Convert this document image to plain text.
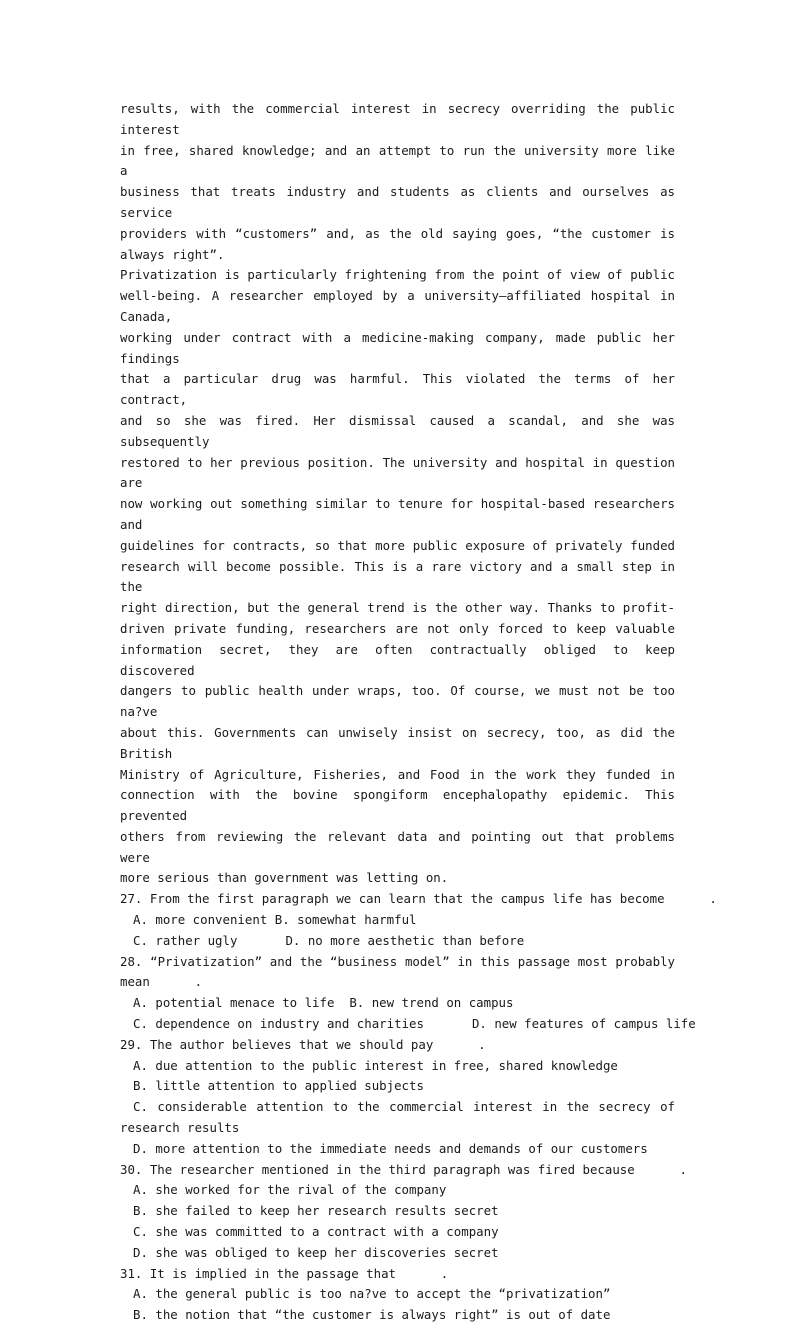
results, with the commercial interest in secrecy overriding the public interest
in free, shared knowledge; and an attempt to run the university more like a
business that treats industry and students as clients and ourselves as service
providers with “customers” and, as the old saying goes, “the customer is
always right”.
Privatization is particularly frightening from the point of view of public
well-being. A researcher employed by a university—affiliated hospital in Canada,
working under contract with a medicine-making company, made public her findings
that a particular drug was harmful. This violated the terms of her contract,
and so she was fired. Her dismissal caused a scandal, and she was subsequently
restored to her previous position. The university and hospital in question are
now working out something similar to tenure for hospital-based researchers and
guidelines for contracts, so that more public exposure of privately funded
research will become possible. This is a rare victory and a small step in the
right direction, but the general trend is the other way. Thanks to profit-
driven private funding, researchers are not only forced to keep valuable
information secret, they are often contractually obliged to keep discovered
dangers to public health under wraps, too. Of course, we must not be too na?ve
about this. Governments can unwisely insist on secrecy, too, as did the British
Ministry of Agriculture, Fisheries, and Food in the work they funded in
connection with the bovine spongiform encephalopathy epidemic. This prevented
others from reviewing the relevant data and pointing out that problems were
more serious than government was letting on.
27. From the first paragraph we can learn that the campus life has become      .
A. more convenient B. somewhat harmful
C. rather ugly	D. no more aesthetic than before
28. “Privatization” and the “business model” in this passage most probably
mean      .
A. potential menace to life B. new trend on campus
C. dependence on industry and charities	D. new features of campus life
29. The author believes that we should pay      .
A. due attention to the public interest in free, shared knowledge
B. little attention to applied subjects
C. considerable attention to the commercial interest in the secrecy of
research results
D. more attention to the immediate needs and demands of our customers
30. The researcher mentioned in the third paragraph was fired because      .
A. she worked for the rival of the company
B. she failed to keep her research results secret
C. she was committed to a contract with a company
D. she was obliged to keep her discoveries secret
31. It is implied in the passage that      .
A. the general public is too na?ve to accept the “privatization”
B. the notion that “the customer is always right” is out of date
